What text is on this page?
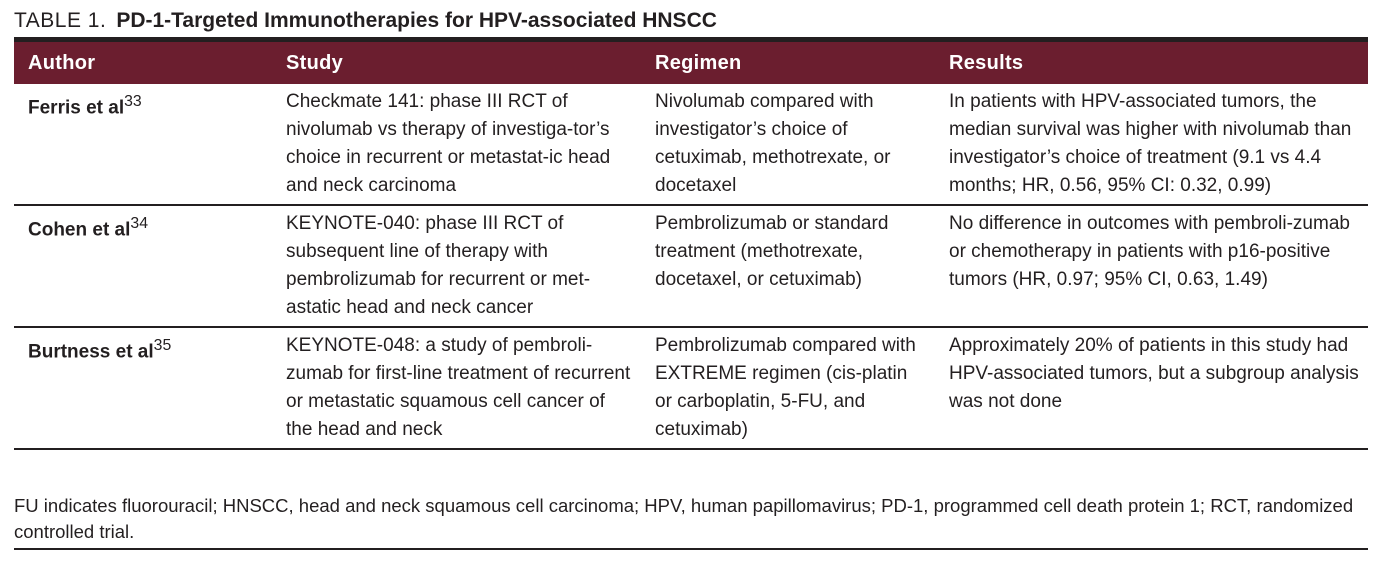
TABLE 1. PD-1-Targeted Immunotherapies for HPV-associated HNSCC
Author	Study	Regimen	Results
Ferris et $al^{33}$	Checkmate 141: phase III RCT of nivolumab vs therapy of investiga-tor’s choice in recurrent or metastat-ic head and neck carcinoma	Nivolumab compared with investigator’s choice of cetuximab, methotrexate, or docetaxel	In patients with HPV-associated tumors, the median survival was higher with nivolumab than investigator’s choice of treatment (9.1 vs 4.4 months; HR, 0.56, 95% CI: 0.32, 0.99)
Cohen et $al^{34}$	KEYNOTE-040: phase III RCT of subsequent line of therapy with pembrolizumab for recurrent or met-astatic head and neck cancer	Pembrolizumab or standard treatment (methotrexate, docetaxel, or cetuximab)	No difference in outcomes with pembroli-zumab or chemotherapy in patients with p16-positive tumors (HR, 0.97; 95% CI, 0.63, 1.49)
Burtness et $al^{35}$	KEYNOTE-048: a study of pembroli-zumab for first-line treatment of recurrent or metastatic squamous cell cancer of the head and neck	Pembrolizumab compared with EXTREME regimen (cis-platin or carboplatin, 5-FU, and cetuximab)	Approximately 20% of patients in this study had HPV-associated tumors, but a subgroup analysis was not done
FU indicates fluorouracil; HNSCC, head and neck squamous cell carcinoma; HPV, human papillomavirus; PD-1, programmed cell death protein 1; RCT, randomized controlled trial.
